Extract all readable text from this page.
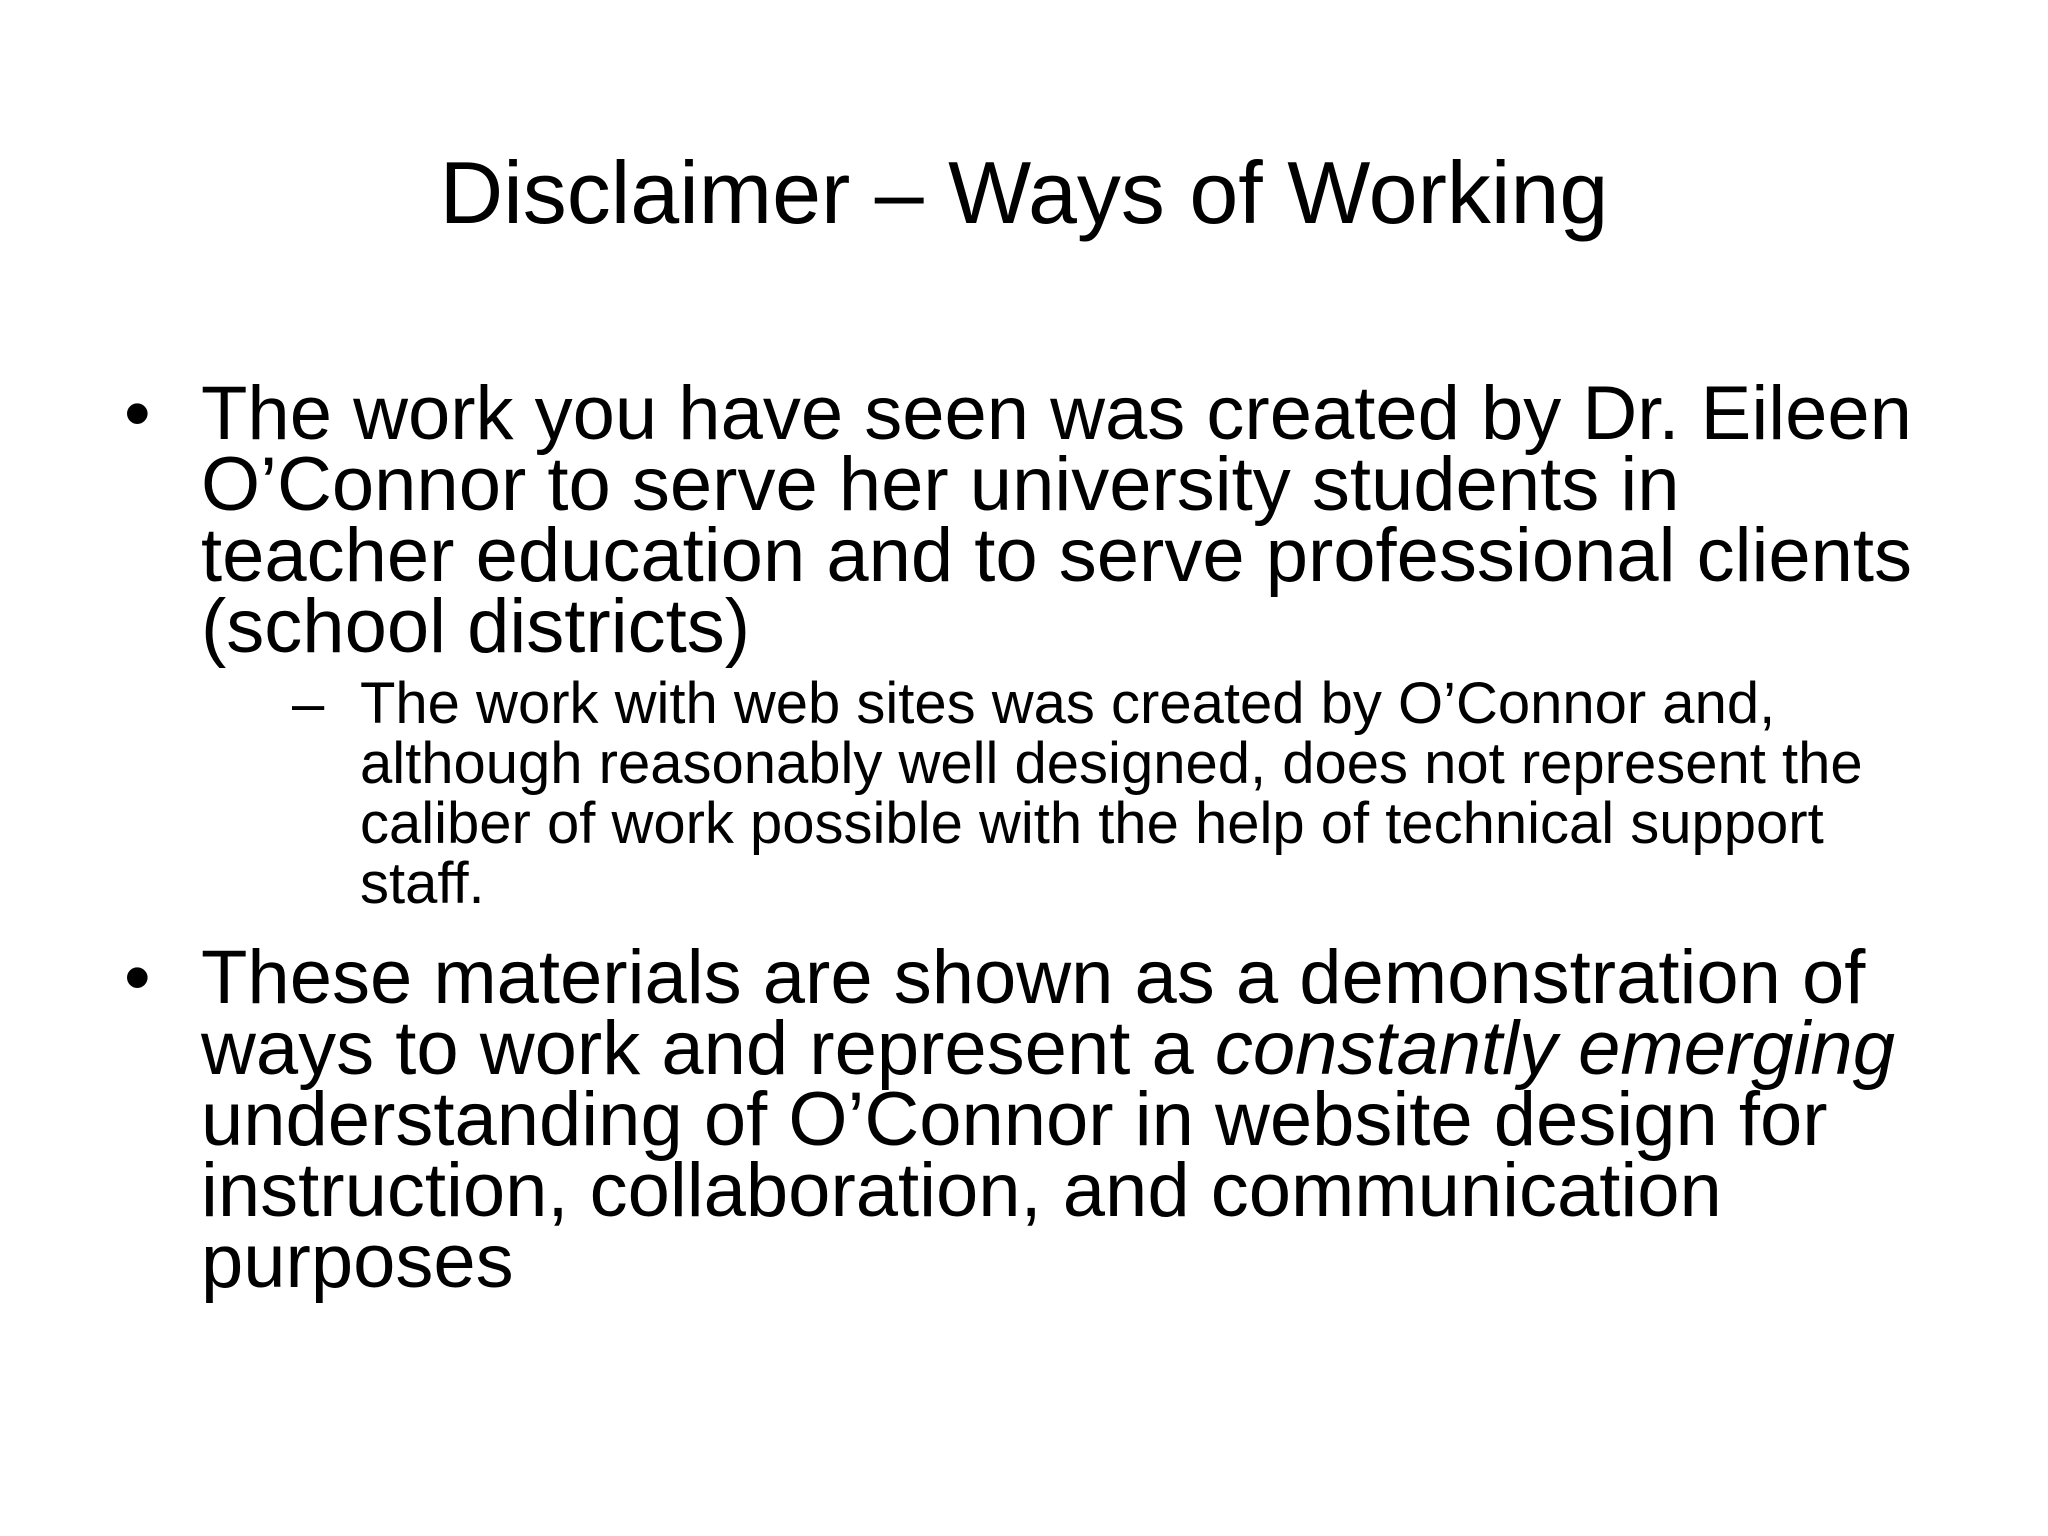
Disclaimer – Ways of Working
• The work you have seen was created by Dr. Eileen O’Connor to serve her university students in teacher education and to serve professional clients (school districts)
– The work with web sites was created by O’Connor and, although reasonably well designed, does not represent the caliber of work possible with the help of technical support staff.
• These materials are shown as a demonstration of ways to work and represent a constantly emerging understanding of O’Connor in website design for instruction, collaboration, and communication purposes
